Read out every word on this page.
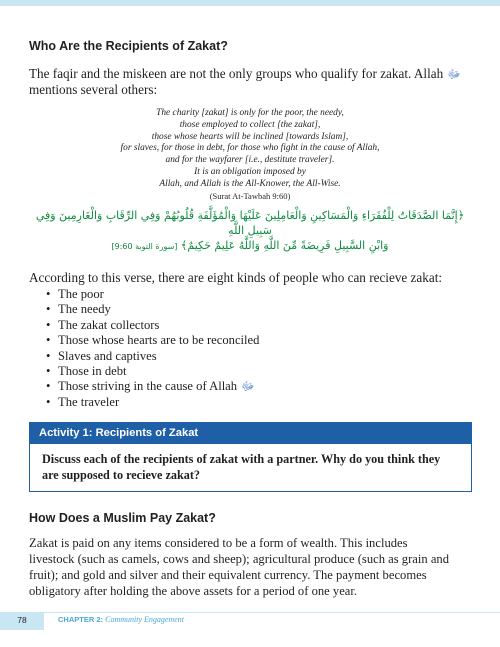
Who Are the Recipients of Zakat?
The faqir and the miskeen are not the only groups who qualify for zakat. Allah ﷻ
mentions several others:
The charity [zakat] is only for the poor, the needy,
those employed to collect [the zakat],
those whose hearts will be inclined [towards Islam],
for slaves, for those in debt, for those who fight in the cause of Allah,
and for the wayfarer [i.e., destitute traveler].
It is an obligation imposed by
Allah, and Allah is the All-Knower, the All-Wise.
(Surat At-Tawbah 9:60)
﴿إِنَّمَا الصَّدَقَاتُ لِلْفُقَرَاءِ وَالْمَسَاكِينِ وَالْعَامِلِينَ عَلَيْهَا وَالْمُؤَلَّفَةِ قُلُوبُهُمْ وَفِي الرِّقَابِ وَالْغَارِمِينَ وَفِي سَبِيلِ اللَّهِ
وَابْنِ السَّبِيلِ فَرِيضَةً مِّنَ اللَّهِ وَاللَّهُ عَلِيمٌ حَكِيمٌ﴾ [سورة التوبة 9:60]
According to this verse, there are eight kinds of people who can recieve zakat:
• The poor
• The needy
• The zakat collectors
• Those whose hearts are to be reconciled
• Slaves and captives
• Those in debt
• Those striving in the cause of Allah ﷻ
• The traveler
Activity 1: Recipients of Zakat
Discuss each of the recipients of zakat with a partner. Why do you think they
are supposed to recieve zakat?
How Does a Muslim Pay Zakat?
Zakat is paid on any items considered to be a form of wealth. This includes
livestock (such as camels, cows and sheep); agricultural produce (such as grain and
fruit); and gold and silver and their equivalent currency. The payment becomes
obligatory after holding the above assets for a period of one year.
78	CHAPTER 2: Community Engagement
